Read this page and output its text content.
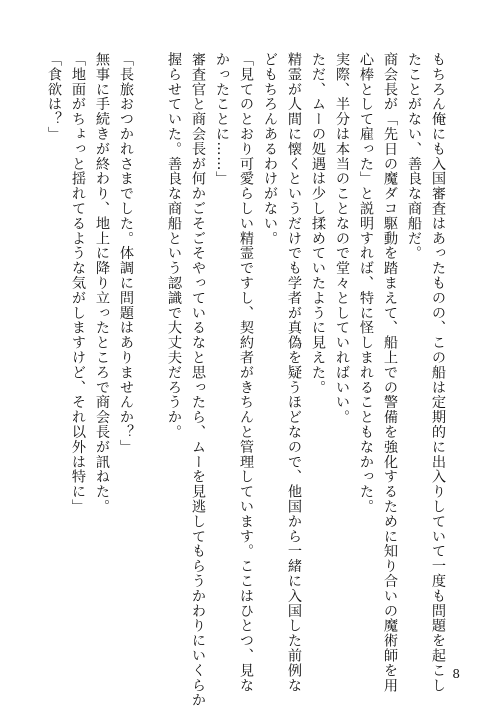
もちろん俺にも入国審査はあったものの、この船は定期的に出入りしていて一度も問題を起こし
たことがない、善良な商船だ。
商会長が「先日の魔ダコ駆動を踏まえて、船上での警備を強化するために知り合いの魔術師を用
心棒として雇った」と説明すれば、特に怪しまれることもなかった。
実際、半分は本当のことなので堂々としていればいい。
ただ、ムーの処遇は少し揉めていたように見えた。
精霊が人間に懐くというだけでも学者が真偽を疑うほどなので、他国から一緒に入国した前例な
どもちろんあるわけがない。
「見てのとおり可愛らしい精霊ですし、契約者がきちんと管理しています。ここはひとつ、見な
かったことに……」
審査官と商会長が何かごそごそやっているなと思ったら、ムーを見逃してもらうかわりにいくらか
握らせていた。善良な商船という認識で大丈夫だろうか。
「長旅おつかれさまでした。体調に問題はありませんか？」
無事に手続きが終わり、地上に降り立ったところで商会長が訊ねた。
「地面がちょっと揺れてるような気がしますけど、それ以外は特に」
「食欲は？」
8
